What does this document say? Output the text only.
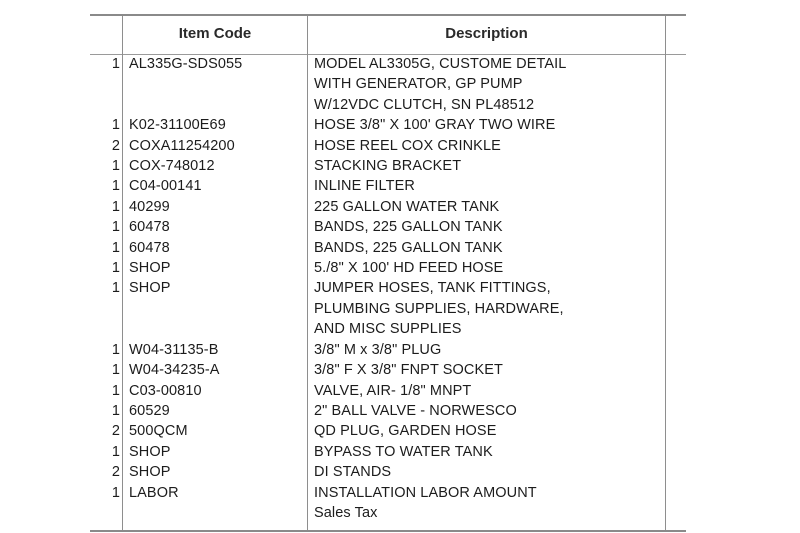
Item Code	Description
1 AL335G-SDS055	MODEL AL3305G, CUSTOME DETAIL
WITH GENERATOR, GP PUMP
W/12VDC CLUTCH, SN PL48512
1 K02-31100E69	HOSE 3/8" X 100' GRAY TWO WIRE
2 COXA11254200	HOSE REEL COX CRINKLE
1 COX-748012	STACKING BRACKET
1 C04-00141	INLINE FILTER
1 40299	225 GALLON WATER TANK
1 60478	BANDS, 225 GALLON TANK
1 60478	BANDS, 225 GALLON TANK
1 SHOP	5./8" X 100' HD FEED HOSE
1 SHOP	JUMPER HOSES, TANK FITTINGS,
PLUMBING SUPPLIES, HARDWARE,
AND MISC SUPPLIES
1 W04-31135-B	3/8" M x 3/8" PLUG
1 W04-34235-A	3/8" F X 3/8" FNPT SOCKET
1 C03-00810	VALVE, AIR- 1/8" MNPT
1 60529	2" BALL VALVE - NORWESCO
2 500QCM	QD PLUG, GARDEN HOSE
1 SHOP	BYPASS TO WATER TANK
2 SHOP	DI STANDS
1 LABOR	INSTALLATION LABOR AMOUNT
Sales Tax
